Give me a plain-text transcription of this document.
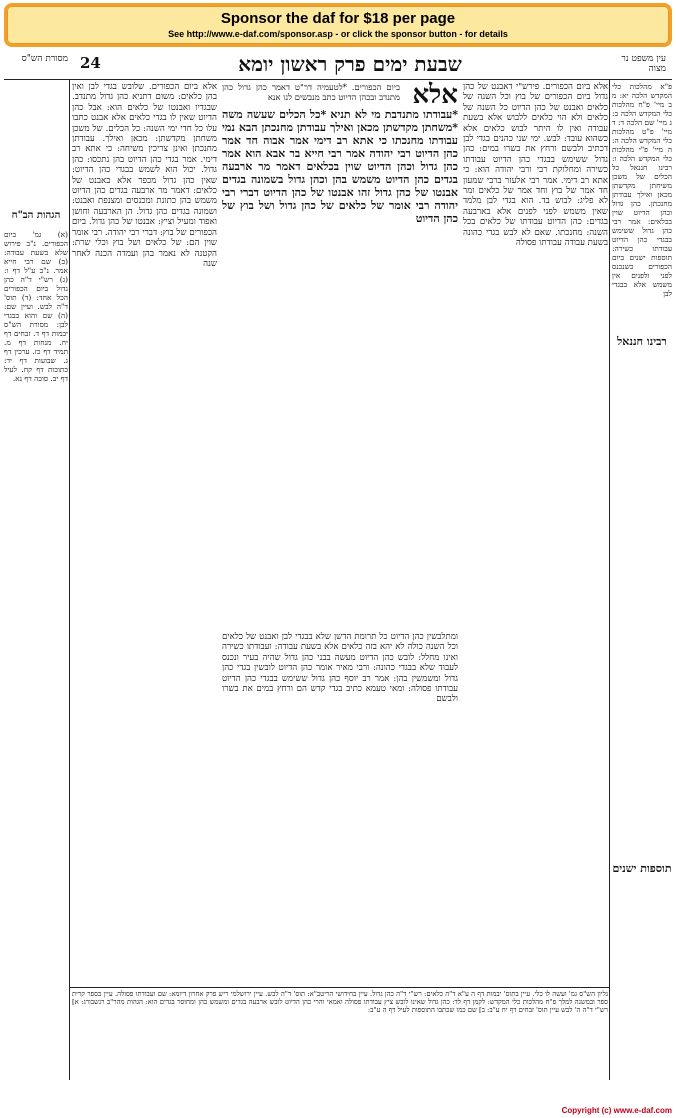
Sponsor the daf for $18 per page
See http://www.e-daf.com/sponsor.asp - or click the sponsor button - for details
מסורת הש"ס 24	שבעת ימים פרק ראשון יומא	עין משפט נר מצוה
אלא

ביום הכפורים. *לטעמיה דר"ט דאמר כהן גדול כהן מתנדב ובכהן הדיוט כתב מנבשים לנו אנא

*עבודתו מתנדבת מי לא תניא *כל הכלים שעשה משה *משחתן מקדשתן מכאן ואילך עבודתן מחנכתן הבא נמי עבודתו מחנכתו כי אתא רב דימי אמר אבוה חד אמר כהן הדיוט רבי יהודה אמר רבי חייא בר אבא הוא אמר כהן גדול וכהן הדיוט שוין בכלאים דאמר מר ארבעה בגדים כהן הדיוט משמש בהן וכהן גדול בשמונה בגדים אבנטו של כהן גדול זהו אבנטו של כהן הדיוט דברי רבי יהודה רבי אומר של כלאים של כהן גדול ושל בוץ של כהן הדיוט

אלא ביום הכפורים. שלובש בגדי לבן ואין בהן כלאים: משום דתניא כהן גדול מתנדב. שבגדיו ואבנטו של כלאים הוא: אבל כהן הדיוט שאין לו בגדי כלאים אלא אבנט כתבו עלו כל חדי ימי השנה: כל הכלים. של משכן משחתן מקדשתן: מכאן ואילך. עבודתן מחנכתן ואינן צריכין משיחה: כי אתא רב דימי. אמר בגדי כהן הדיוט בהן נתכסו: כהן גדול. יכול הוא לשמש בבגדי כהן הדיוט: שאין כהן גדול מכפר אלא באבנט של כלאים: דאמר מר ארבעה בגדים כהן הדיוט משמש בהן כתונת ומכנסים ומצנפת ואבנט: ושמונה בגדים כהן גדול. הן הארבעה וחושן ואפוד ומעיל וציץ: אבנטו של כהן גדול. ביום הכפורים של בוץ: דברי רבי יהודה. רבי אומר שוין הם: של כלאים ושל בוץ וכלי שרת: הקטנה לא נאמר בהן ועמדה הכנה לאחר שנה

אלא ביום הכפורים. פירש"י דאבנט של כהן גדול ביום הכפורים של בוץ וכל השנה של כלאים ואבנט של כהן הדיוט כל השנה של כלאים ולא הוי כלאים ללבוש אלא בשעת עבודה ואין לו היתר לבוש כלאים אלא כשהוא עובד: לבש. ימי שני כהנים בגדי לבן דכתיב ולבשם ורחץ את בשרו במים: כהן גדול ששימש בבגדי כהן הדיוט עבודתו כשירה ומחלוקת רבי ורבי יהודה הוא: כי אתא רב דימי. אמר רבי אלעזר ברבי שמעון חד אמר של בוץ וחד אמר של כלאים ומר לא פליג: לבוש בד. הוא בגדי לבן מלמד שאין משמש לפני לפנים אלא בארבעה בגדים: כהן הדיוט עבודתו של כלאים בכל השנה: מחנכתו. שאם לא לבש בגדי כהונה בשעת עבודה עבודתו פסולה

ומתלבשין כהן הדיוט כל תרומת הדשן שלא בבגדי לבן ואבנט של כלאים וכל השנה כולה לא יהא בזה כלאים אלא בשעת עבודה: ועבודתו כשירה ואינו מחלל: לובש כהן הדיוט מעשה בבני כהן גדול שהיה בעיר ונכנס לעבוד שלא בבגדי כהונה: ורבי מאיר אומר כהן הדיוט לובשין בגדי כהן גדול ומשמשין בהן: אמר רב יוסף כהן גדול ששימש בבגדי כהן הדיוט עבודתו פסולה: ומאי טעמא כתיב בגדי קדש הם ורחץ במים את בשרו ולבשם

הגהות הב"ח

(א) גמ' ביום הכפורים. נ"ב פירוש שלא בשעת עבודה: (ב) שם רבי חייא אמר. נ"ב ע"ל דף ו: (ג) רש"י ד"ה כהן גדול ביום הכפורים הכל אחד: (ד) תוס' ד"ה לבש. ועיין שם: (ה) שם והוא בבגדי לבן: מסורת הש"ס יבמות דף ד. זבחים דף יח. מנחות דף מ. תמיד דף כז. ערכין דף ג. שבועות דף יד: כתובות דף קח. לעיל דף יב. סוכה דף נא.

רבינו חננאל
תוספות ישנים

פ"א מהלכות כלי המקדש הלכה יא: מ ב מיי' פ"ח מהלכות כלי המקדש הלכה ב: ג מיי' שם הלכה ד: ד מיי' פ"ט מהלכות כלי המקדש הלכה ה: ה מיי' פ"י מהלכות כלי המקדש הלכה ו: רבינו חננאל כל הכלים של משכן משיחתן מקדשתן מכאן ואילך עבודתן מחנכתן. כהן גדול וכהן הדיוט שוין בכלאים: אמר רבי כהן גדול ששימש בבגדי כהן הדיוט עבודתו כשירה: תוספות ישנים ביום הכפורים כשנכנס לפני ולפנים אין משמש אלא בבגדי לבן

גליון הש"ס גמ' ועשה לו כלי. עיין בתוס' יבמות דף ה ע"א ד"ה כלאים: רש"י ד"ה כהן גדול. עיין בחידושי הריטב"א: תוס' ד"ה לבש. עיין ירושלמי ריש פרק אחרון דיומא: שם ועבודתו פסולה. עיין בספר קרית ספר ובמשנה למלך פ"ח מהלכות כלי המקדש: לקמן דף לד: כהן גדול שאינו לובש ציץ עבודתו פסולה ואמאי והרי כהן הדיוט לובש ארבעה בגדים ומשמש בהן ומחוסר בגדים הוא: הגהות מהר"ב רנשבורג: א] רש"י ד"ה ה' לבש עיין תוס' זבחים דף יח ע"ב: ב] שם כמו שכתבו התוספות לעיל דף ה ע"ב:

Copyright (c) www.e-daf.com
